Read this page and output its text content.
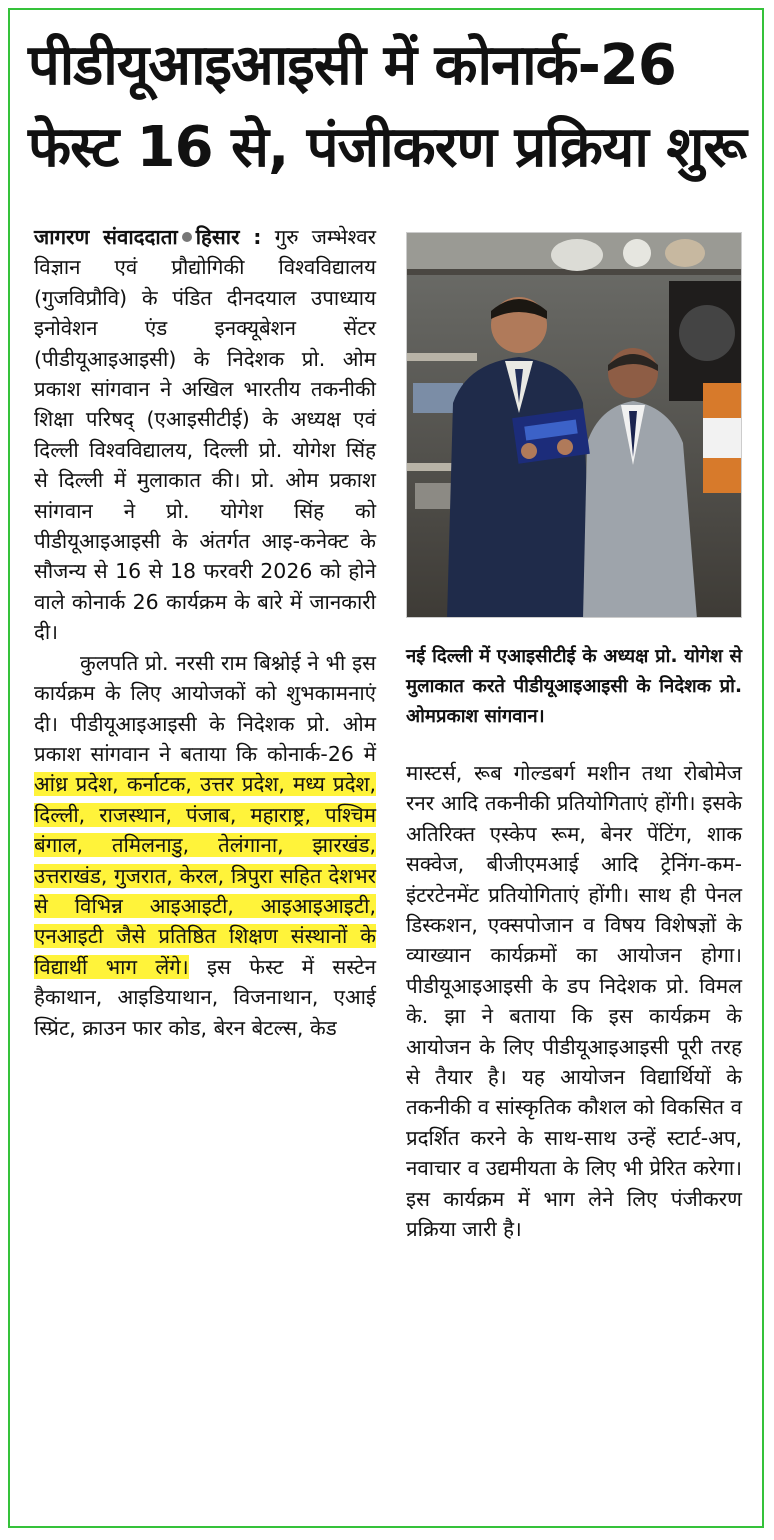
पीडीयूआइआइसी में कोनार्क-26
फेस्ट 16 से, पंजीकरण प्रक्रिया शुरू

जागरण संवाददाता हिसार : गुरु जम्भेश्वर विज्ञान एवं प्रौद्योगिकी विश्वविद्यालय (गुजविप्रौवि) के पंडित दीनदयाल उपाध्याय इनोवेशन एंड इनक्यूबेशन सेंटर (पीडीयूआइआइसी) के निदेशक प्रो. ओम प्रकाश सांगवान ने अखिल भारतीय तकनीकी शिक्षा परिषद् (एआइसीटीई) के अध्यक्ष एवं दिल्ली विश्वविद्यालय, दिल्ली प्रो. योगेश सिंह से दिल्ली में मुलाकात की। प्रो. ओम प्रकाश सांगवान ने प्रो. योगेश सिंह को पीडीयूआइआइसी के अंतर्गत आइ-कनेक्ट के सौजन्य से 16 से 18 फरवरी 2026 को होने वाले कोनार्क 26 कार्यक्रम के बारे में जानकारी दी।

कुलपति प्रो. नरसी राम बिश्नोई ने भी इस कार्यक्रम के लिए आयोजकों को शुभकामनाएं दी। पीडीयूआइआइसी के निदेशक प्रो. ओम प्रकाश सांगवान ने बताया कि कोनार्क-26 में आंध्र प्रदेश, कर्नाटक, उत्तर प्रदेश, मध्य प्रदेश, दिल्ली, राजस्थान, पंजाब, महाराष्ट्र, पश्चिम बंगाल, तमिलनाडु, तेलंगाना, झारखंड, उत्तराखंड, गुजरात, केरल, त्रिपुरा सहित देशभर से विभिन्न आइआइटी, आइआइआइटी, एनआइटी जैसे प्रतिष्ठित शिक्षण संस्थानों के विद्यार्थी भाग लेंगे। इस फेस्ट में सस्टेन हैकाथान, आइडियाथान, विजनाथान, एआई स्प्रिंट, क्राउन फार कोड, बेरन बेटल्स, केड

नई दिल्ली में एआइसीटीई के अध्यक्ष प्रो. योगेश से मुलाकात करते पीडीयूआइआइसी के निदेशक प्रो. ओमप्रकाश सांगवान।

मास्टर्स, रूब गोल्डबर्ग मशीन तथा रोबोमेज रनर आदि तकनीकी प्रतियोगिताएं होंगी। इसके अतिरिक्त एस्केप रूम, बेनर पेंटिंग, शाक सक्वेज, बीजीएमआई आदि ट्रेनिंग-कम-इंटरटेनमेंट प्रतियोगिताएं होंगी। साथ ही पेनल डिस्कशन, एक्सपोजान व विषय विशेषज्ञों के व्याख्यान कार्यक्रमों का आयोजन होगा। पीडीयूआइआइसी के डप निदेशक प्रो. विमल के. झा ने बताया कि इस कार्यक्रम के आयोजन के लिए पीडीयूआइआइसी पूरी तरह से तैयार है। यह आयोजन विद्यार्थियों के तकनीकी व सांस्कृतिक कौशल को विकसित व प्रदर्शित करने के साथ-साथ उन्हें स्टार्ट-अप, नवाचार व उद्यमीयता के लिए भी प्रेरित करेगा। इस कार्यक्रम में भाग लेने लिए पंजीकरण प्रक्रिया जारी है।
